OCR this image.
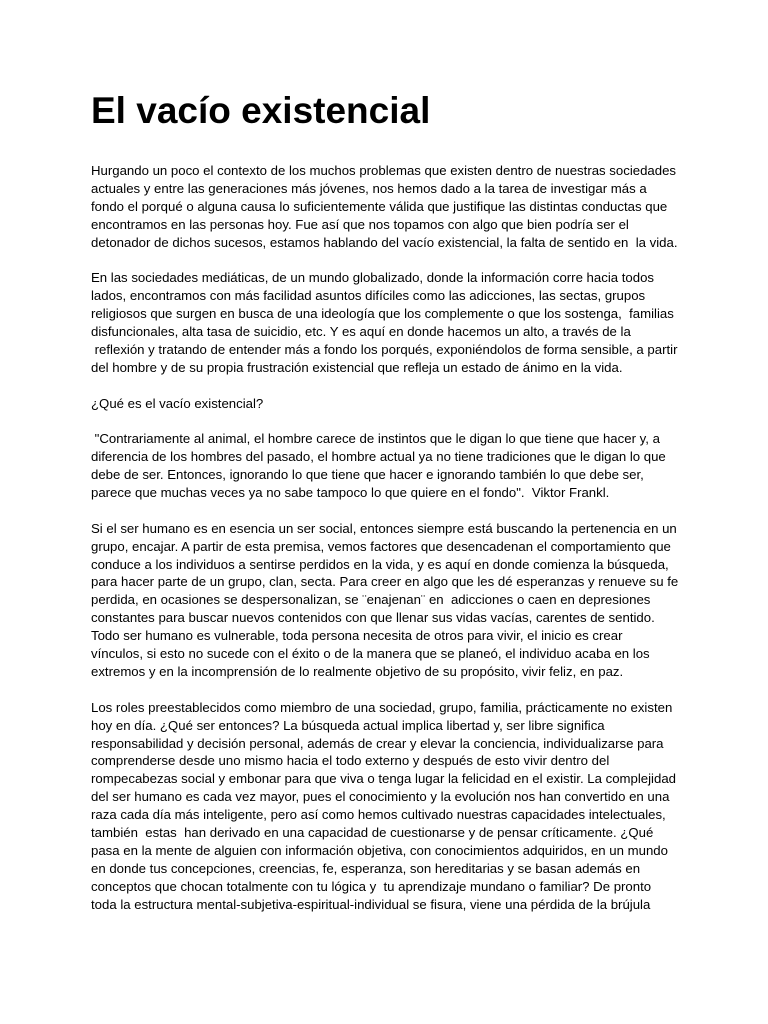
El vacío existencial

Hurgando un poco el contexto de los muchos problemas que existen dentro de nuestras sociedades
actuales y entre las generaciones más jóvenes, nos hemos dado a la tarea de investigar más a
fondo el porqué o alguna causa lo suficientemente válida que justifique las distintas conductas que
encontramos en las personas hoy. Fue así que nos topamos con algo que bien podría ser el
detonador de dichos sucesos, estamos hablando del vacío existencial, la falta de sentido en  la vida.

En las sociedades mediáticas, de un mundo globalizado, donde la información corre hacia todos
lados, encontramos con más facilidad asuntos difíciles como las adicciones, las sectas, grupos
religiosos que surgen en busca de una ideología que los complemente o que los sostenga,  familias
disfuncionales, alta tasa de suicidio, etc. Y es aquí en donde hacemos un alto, a través de la
reflexión y tratando de entender más a fondo los porqués, exponiéndolos de forma sensible, a partir
del hombre y de su propia frustración existencial que refleja un estado de ánimo en la vida.

¿Qué es el vacío existencial?

"Contrariamente al animal, el hombre carece de instintos que le digan lo que tiene que hacer y, a
diferencia de los hombres del pasado, el hombre actual ya no tiene tradiciones que le digan lo que
debe de ser. Entonces, ignorando lo que tiene que hacer e ignorando también lo que debe ser,
parece que muchas veces ya no sabe tampoco lo que quiere en el fondo".  Viktor Frankl.

Si el ser humano es en esencia un ser social, entonces siempre está buscando la pertenencia en un
grupo, encajar. A partir de esta premisa, vemos factores que desencadenan el comportamiento que
conduce a los individuos a sentirse perdidos en la vida, y es aquí en donde comienza la búsqueda,
para hacer parte de un grupo, clan, secta. Para creer en algo que les dé esperanzas y renueve su fe
perdida, en ocasiones se despersonalizan, se ¨enajenan¨ en  adicciones o caen en depresiones
constantes para buscar nuevos contenidos con que llenar sus vidas vacías, carentes de sentido.
Todo ser humano es vulnerable, toda persona necesita de otros para vivir, el inicio es crear
vínculos, si esto no sucede con el éxito o de la manera que se planeó, el individuo acaba en los
extremos y en la incomprensión de lo realmente objetivo de su propósito, vivir feliz, en paz.

Los roles preestablecidos como miembro de una sociedad, grupo, familia, prácticamente no existen
hoy en día. ¿Qué ser entonces? La búsqueda actual implica libertad y, ser libre significa
responsabilidad y decisión personal, además de crear y elevar la conciencia, individualizarse para
comprenderse desde uno mismo hacia el todo externo y después de esto vivir dentro del
rompecabezas social y embonar para que viva o tenga lugar la felicidad en el existir. La complejidad
del ser humano es cada vez mayor, pues el conocimiento y la evolución nos han convertido en una
raza cada día más inteligente, pero así como hemos cultivado nuestras capacidades intelectuales,
también  estas  han derivado en una capacidad de cuestionarse y de pensar críticamente. ¿Qué
pasa en la mente de alguien con información objetiva, con conocimientos adquiridos, en un mundo
en donde tus concepciones, creencias, fe, esperanza, son hereditarias y se basan además en
conceptos que chocan totalmente con tu lógica y  tu aprendizaje mundano o familiar? De pronto
toda la estructura mental-subjetiva-espiritual-individual se fisura, viene una pérdida de la brújula
